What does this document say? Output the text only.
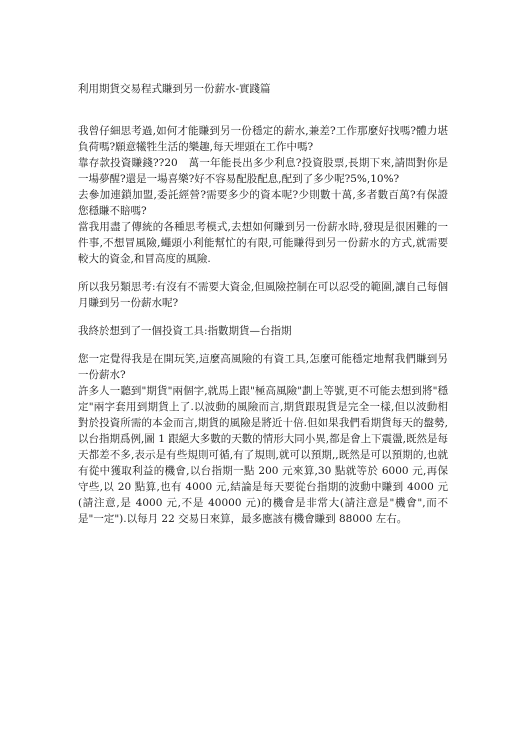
利用期貨交易程式賺到另一份薪水-實踐篇

我曾仔細思考過,如何才能賺到另一份穩定的薪水,兼差?工作那麼好找嗎?體力堪負荷嗎?願意犧牲生活的樂趣,每天埋頭在工作中嗎?

靠存款投資賺錢??20　萬一年能長出多少利息?投資股票,長期下來,請問對你是一場夢醒?還是一場喜樂?好不容易配股配息,配到了多少呢?5%,10%?

去參加連鎖加盟,委託經營?需要多少的資本呢?少則數十萬,多者數百萬?有保證您穩賺不賠嗎?

當我用盡了傳統的各種思考模式,去想如何賺到另一份薪水時,發現是很困難的一件事,不想冒風險,蠅頭小利能幫忙的有限,可能賺得到另一份薪水的方式,就需要較大的資金,和冒高度的風險.

所以我另類思考:有沒有不需要大資金,但風險控制在可以忍受的範圍,讓自己每個月賺到另一份薪水呢?

我終於想到了一個投資工具:指數期貨—台指期

您一定覺得我是在開玩笑,這麼高風險的有資工具,怎麼可能穩定地幫我們賺到另一份薪水?

許多人一聽到"期貨"兩個字,就馬上跟"極高風險"劃上等號,更不可能去想到將"穩定"兩字套用到期貨上了.以波動的風險而言,期貨跟現貨是完全一樣,但以波動相對於投資所需的本金而言,期貨的風險是將近十倍.但如果我們看期貨每天的盤勢,以台指期爲例,圖 1 跟絕大多數的天數的情形大同小異,都是會上下震盪,既然是每天都差不多,表示是有些規則可循,有了規則,就可以預期,,既然是可以預期的,也就有從中獲取利益的機會,以台指期一點 200 元來算,30 點就等於 6000 元,再保守些,以 20 點算,也有 4000 元,結論是每天要從台指期的波動中賺到 4000 元(請注意,是 4000 元,不是 40000 元)的機會是非常大(請注意是"機會",而不是"一定").以每月 22 交易日來算，最多應該有機會賺到 88000 左右。
